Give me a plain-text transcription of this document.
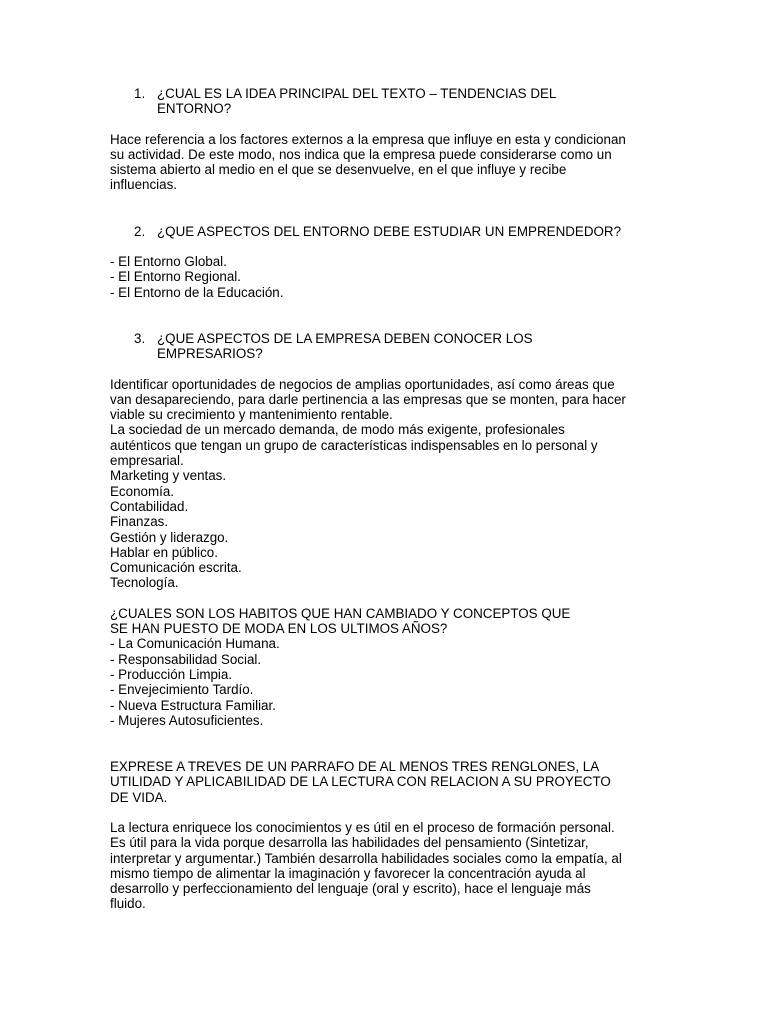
1. ¿CUAL ES LA IDEA PRINCIPAL DEL TEXTO – TENDENCIAS DEL
ENTORNO?

Hace referencia a los factores externos a la empresa que influye en esta y condicionan
su actividad. De este modo, nos indica que la empresa puede considerarse como un
sistema abierto al medio en el que se desenvuelve, en el que influye y recibe
influencias.

2. ¿QUE ASPECTOS DEL ENTORNO DEBE ESTUDIAR UN EMPRENDEDOR?

- El Entorno Global.
- El Entorno Regional.
- El Entorno de la Educación.

3. ¿QUE ASPECTOS DE LA EMPRESA DEBEN CONOCER LOS
EMPRESARIOS?

Identificar oportunidades de negocios de amplias oportunidades, así como áreas que
van desapareciendo, para darle pertinencia a las empresas que se monten, para hacer
viable su crecimiento y mantenimiento rentable.
La sociedad de un mercado demanda, de modo más exigente, profesionales
auténticos que tengan un grupo de características indispensables en lo personal y
empresarial.
Marketing y ventas.
Economía.
Contabilidad.
Finanzas.
Gestión y liderazgo.
Hablar en público.
Comunicación escrita.
Tecnología.

¿CUALES SON LOS HABITOS QUE HAN CAMBIADO Y CONCEPTOS QUE
SE HAN PUESTO DE MODA EN LOS ULTIMOS AÑOS?
- La Comunicación Humana.
- Responsabilidad Social.
- Producción Limpia.
- Envejecimiento Tardío.
- Nueva Estructura Familiar.
- Mujeres Autosuficientes.

EXPRESE A TREVES DE UN PARRAFO DE AL MENOS TRES RENGLONES, LA
UTILIDAD Y APLICABILIDAD DE LA LECTURA CON RELACION A SU PROYECTO
DE VIDA.

La lectura enriquece los conocimientos y es útil en el proceso de formación personal.
Es útil para la vida porque desarrolla las habilidades del pensamiento (Sintetizar,
interpretar y argumentar.) También desarrolla habilidades sociales como la empatía, al
mismo tiempo de alimentar la imaginación y favorecer la concentración ayuda al
desarrollo y perfeccionamiento del lenguaje (oral y escrito), hace el lenguaje más
fluido.
